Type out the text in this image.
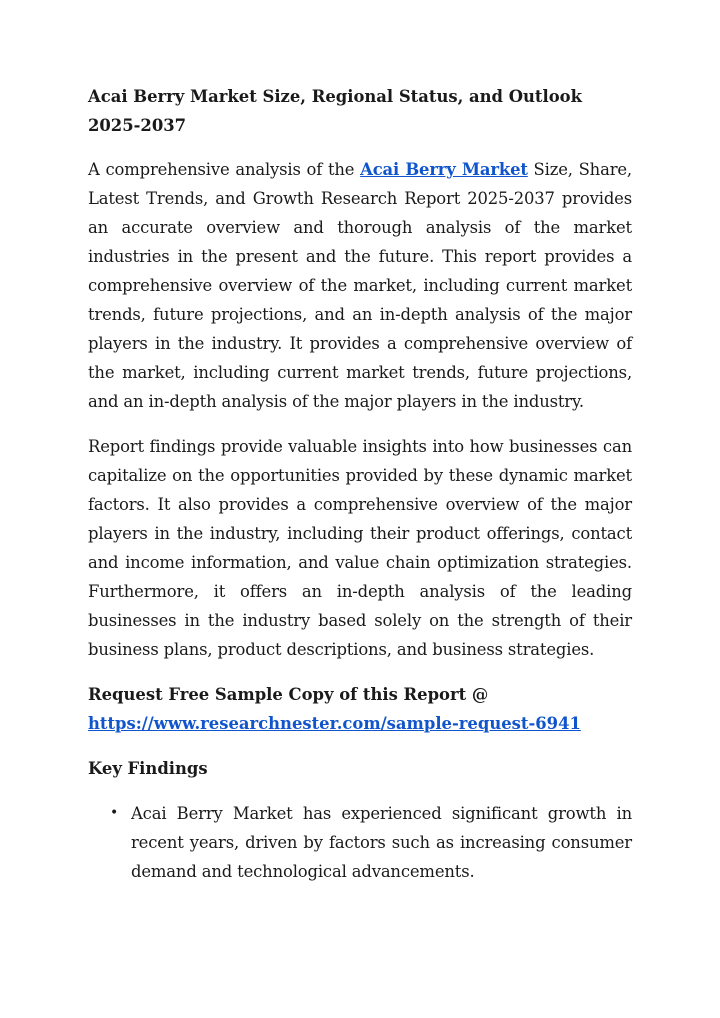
Acai Berry Market Size, Regional Status, and Outlook 2025-2037

A comprehensive analysis of the Acai Berry Market Size, Share, Latest Trends, and Growth Research Report 2025-2037 provides an accurate overview and thorough analysis of the market industries in the present and the future. This report provides a comprehensive overview of the market, including current market trends, future projections, and an in-depth analysis of the major players in the industry. It provides a comprehensive overview of the market, including current market trends, future projections, and an in-depth analysis of the major players in the industry.

Report findings provide valuable insights into how businesses can capitalize on the opportunities provided by these dynamic market factors. It also provides a comprehensive overview of the major players in the industry, including their product offerings, contact and income information, and value chain optimization strategies. Furthermore, it offers an in-depth analysis of the leading businesses in the industry based solely on the strength of their business plans, product descriptions, and business strategies.

Request Free Sample Copy of this Report @
https://www.researchnester.com/sample-request-6941
Key Findings
• Acai Berry Market has experienced significant growth in recent years, driven by factors such as increasing consumer demand and technological advancements.
